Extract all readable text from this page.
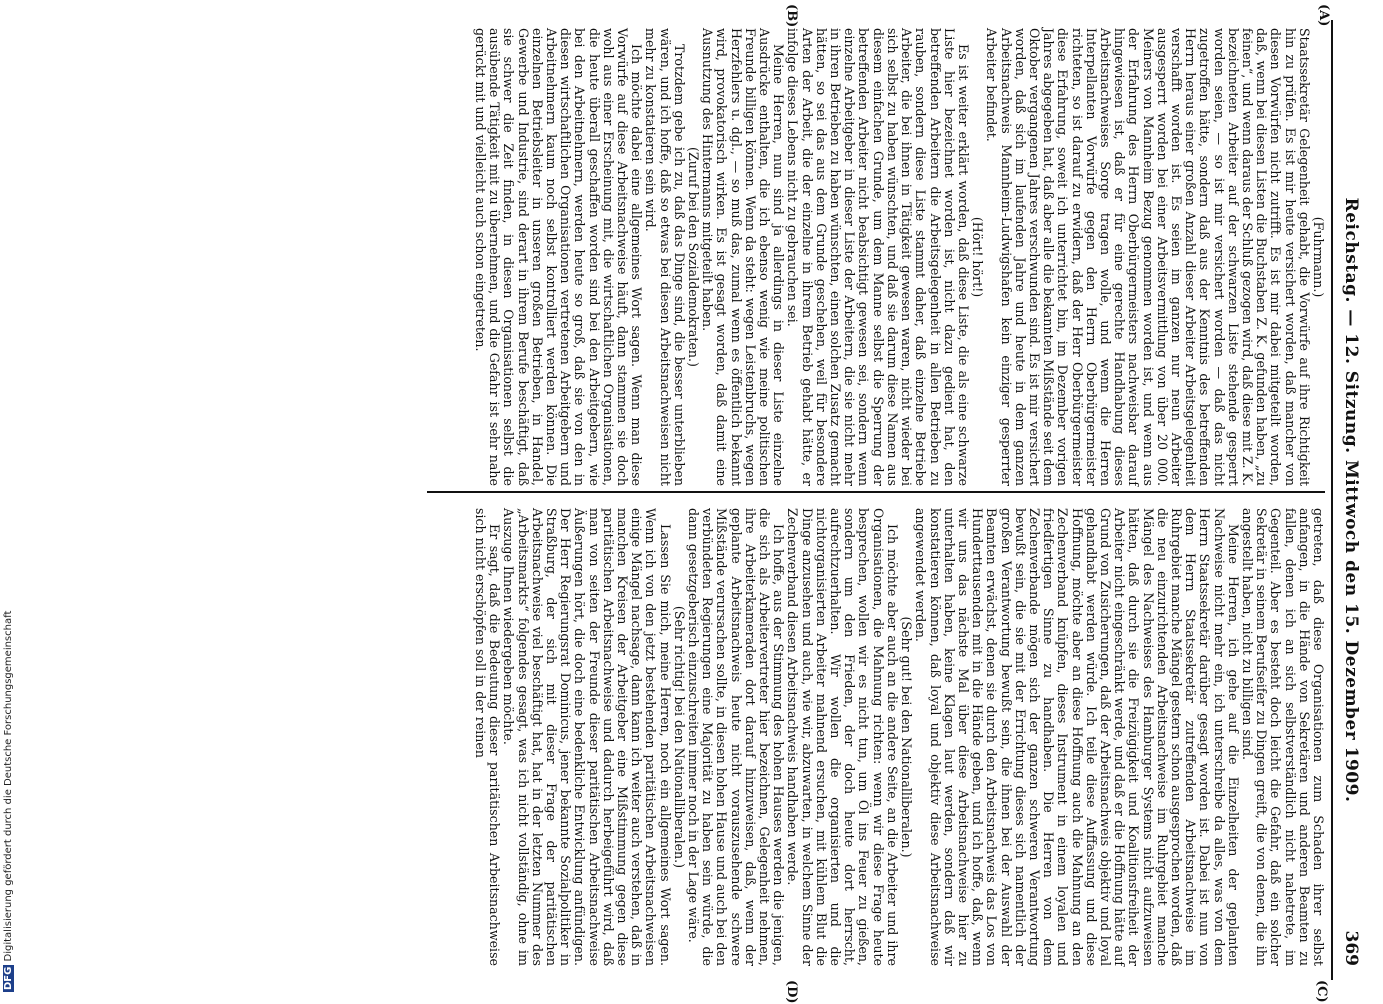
Reichstag. — 12. Sitzung. Mittwoch den 15. Dezember 1909.
369
(A)
(B)
(C)
(D)

(Fuhrmann.)

Staatssekretär Gelegenheit gehabt, die Vorwürfe auf ihre Richtigkeit hin zu prüfen. Es ist mir heute versichert worden, daß mancher von diesen Vorwürfen nicht zutrifft. Es ist mir dabei mitgeteilt worden, daß, wenn bei diesen Listen die Buchstaben Z. K. gefunden haben, „zu feinen“, und wenn daraus der Schluß gezogen wird, daß diese mit Z. K. bezeichneten Arbeiter auf der schwarzen Liste stehende gesperrt worden seien, — so ist mir versichert worden — daß das nicht zugetroffen hätte, sondern daß aus der Kenntnis des betreffenden Herrn heraus einer großen Anzahl dieser Arbeiter Arbeitsgelegenheit verschafft worden ist. Es seien im ganzen nur neun Arbeiter ausgesperrt worden bei einer Arbeitsvermittlung von über 20 000. Meiners von Mannheim Bezug genommen worden ist, und wenn aus der Erfahrung des Herrn Oberbürgermeisters nachweisbar darauf hingewiesen ist, daß er für eine gerechte Handhabung dieses Arbeitsnachweises Sorge tragen wolle, und wenn die Herren Interpellanten Vorwürfe gegen den Herrn Oberbürgermeister richteten, so ist darauf zu erwidern, daß der Herr Oberbürgermeister diese Erfahrung, soweit ich unterrichtet bin, im Dezember vorigen Jahres abgegeben hat, daß aber alle die bekannten Mißstände seit dem Oktober vergangenen Jahres verschwunden sind. Es ist mir versichert worden, daß sich im laufenden Jahre und heute in dem ganzen Arbeitsnachweis Mannheim-Ludwigshafen kein einziger gesperrter Arbeiter befindet.

(Hört! hört!)

Es ist weiter erklärt worden, daß diese Liste, die als eine schwarze Liste hier bezeichnet worden ist, nicht dazu gedient hat, den betreffenden Arbeitern die Arbeitsgelegenheit in allen Betrieben zu rauben, sondern diese Liste stammt daher, daß einzelne Betriebe Arbeiter, die bei ihnen in Tätigkeit gewesen waren, nicht wieder bei sich selbst zu haben wünschten, und daß sie darum diese Namen aus diesem einfachen Grunde, um dem Manne selbst die Sperrung der betreffenden Arbeiter nicht beabsichtigt gewesen sei, sondern wenn einzelne Arbeitgeber in dieser Liste der Arbeitern, die sie nicht mehr in ihren Betrieben zu haben wünschten, einen solchen Zusatz gemacht hätten, so sei das aus dem Grunde geschehen, weil für besondere Arten der Arbeit, die der einzelne in ihrem Betrieb gehabt hätte, er infolge dieses Lebens nicht zu gebrauchen sei.

Meine Herren, nun sind ja allerdings in dieser Liste einzelne Ausdrücke enthalten, die ich ebenso wenig wie meine politischen Freunde billigen können. Wenn da steht: wegen Leistenbruchs, wegen Herzfehlers u. dgl., — so muß das, zumal wenn es öffentlich bekannt wird, provokatorisch wirken. Es ist gesagt worden, daß damit eine Ausnutzung des Hintermanns mitgeteilt haben.

(Zuruf bei den Sozialdemokraten.)

Trotzdem gebe ich zu, daß das Dinge sind, die besser unterblieben wären, und ich hoffe, daß so etwas bei diesen Arbeitsnachweisen nicht mehr zu konstatieren sein wird.

Ich möchte dabei eine allgemeines Wort sagen. Wenn man diese Vorwürfe auf diese Arbeitsnachweise häuft, dann stammen sie doch wohl aus einer Erscheinung mit, die wirtschaftlichen Organisationen, die heute überall geschaffen worden sind bei den Arbeitgebern, wie bei den Arbeitnehmern, werden heute so groß, daß sie von den in diesen wirtschaftlichen Organisationen vertretenen Arbeitgebern und Arbeitnehmern kaum noch selbst kontrolliert werden können. Die einzelnen Betriebsleiter in unseren großen Betrieben, in Handel, Gewerbe und Industrie, sind derart in ihrem Berufe beschäftigt, daß sie schwer die Zeit finden, in diesen Organisationen selbst die ausübende Tätigkeit mit zu übernehmen, und die Gefahr ist sehr nahe gerückt mit und vielleicht auch schon eingetreten.

getreten, daß diese Organisationen zum Schaden ihrer selbst anfangen, in die Hände von Sekretären und anderen Beamten zu fallen, denen ich an sich selbstverständlich nicht nahetrete, im Gegenteil. Aber es besteht doch leicht die Gefahr, daß ein solcher Sekretär in seinem Berufseifer zu Dingen greift, die von denen, die ihn angestellt haben, nicht zu billigen sind.

Meine Herren, ich gehe auf die Einzelheiten der geplanten Nachweise nicht mehr ein, ich unterschreibe da alles, was von dem Herrn Staatssekretär darüber gesagt worden ist. Dabei ist nun von dem Herrn Staatssekretär zutreffenden Arbeitsnachweise im Ruhrgebiet manche Mängel gestern schon ausgesprochen worden, daß die neu einzurichtenden Arbeitsnachweise im Ruhrgebiet manche Mängel des Nachweises des Hamburger Systems nicht aufzuweisen hätten, daß durch sie die Freizügigkeit und Koalitionsfreiheit der Arbeiter nicht eingeschränkt werde, und daß er die Hoffnung hätte auf Grund von Zusicherungen, daß der Arbeitsnachweis objektiv und loyal gehandhabt werden würde. Ich teile diese Auffassung und diese Hoffnung, möchte aber an diese Hoffnung auch die Mahnung an den Zechenverband knüpfen, dieses Instrument in einem loyalen und friedfertigen Sinne zu handhaben. Die Herren von dem Zechenverbande mögen sich der ganzen schweren Verantwortung bewußt sein, die sie mit der Errichtung dieses sich namentlich der großen Verantwortung bewußt sein, die ihnen bei der Auswahl der Beamten erwächst, denen sie durch den Arbeitsnachweis das Los von Hunderttausenden mit in die Hände geben, und ich hoffe, daß, wenn wir uns das nächste Mal über diese Arbeitsnachweise hier zu unterhalten haben, keine Klagen laut werden, sondern daß wir konstatieren können, daß loyal und objektiv diese Arbeitsnachweise angewendet werden.

(Sehr gut! bei den Nationalliberalen.)

Ich möchte aber auch an die andere Seite, an die Arbeiter und ihre Organisationen, die Mahnung richten: wenn wir diese Frage heute besprechen, wollen wir es nicht tun, um Öl ins Feuer zu gießen, sondern um den Frieden, der doch heute dort herrscht, aufrechtzuerhalten. Wir wollen die organisierten und die nichtorganisierten Arbeiter mahnend ersuchen, mit kühlem Blut die Dinge anzusehen und auch, wie wir, abzuwarten, in welchem Sinne der Zechenverband diesen Arbeitsnachweis handhaben werde.

Ich hoffe, aus der Stimmung des hohen Hauses werden die jenigen, die sich als Arbeitervertreter hier bezeichnen, Gelegenheit nehmen, ihre Arbeiterkameraden dort darauf hinzuweisen, daß, wenn der geplante Arbeitsnachweis heute nicht vorauszusehende schwere Mißstände verursachen sollte, in diesen hohen Hause und auch bei den verbündeten Regierungen eine Majorität zu haben sein würde, die dann gesetzgeberisch einzuschreiten immer noch in der Lage wäre.

(Sehr richtig! bei den Nationalliberalen.)

Lassen Sie mich, meine Herren, noch ein allgemeines Wort sagen. Wenn ich von den jetzt bestehenden paritätischen Arbeitsnachweisen einige Mängel nachsage, dann kann ich weiter auch verstehen, daß in manchen Kreisen der Arbeitgeber eine Mißstimmung gegen diese paritätischen Arbeitsnachweise und dadurch herbeigeführt wird, daß man von seiten der Freunde dieser paritätischen Arbeitsnachweise Äußerungen hört, die doch eine bedenkliche Entwicklung anfündigen. Der Herr Regierungsrat Dominicus, jener bekannte Sozialpolitiker in Straßburg, der sich mit dieser Frage der paritätischen Arbeitsnachweise viel beschäftigt hat, hat in der letzten Nummer des „Arbeitsmarkts“ folgendes gesagt, was ich nicht vollständig, ohne im Auszuge Ihnen wiedergeben möchte.

Er sagt, daß die Bedeutung dieser paritätischen Arbeitsnachweise sich nicht erschöpfen soll in der reinen

DFG Digitalisierung gefördert durch die Deutsche Forschungsgemeinschaft
